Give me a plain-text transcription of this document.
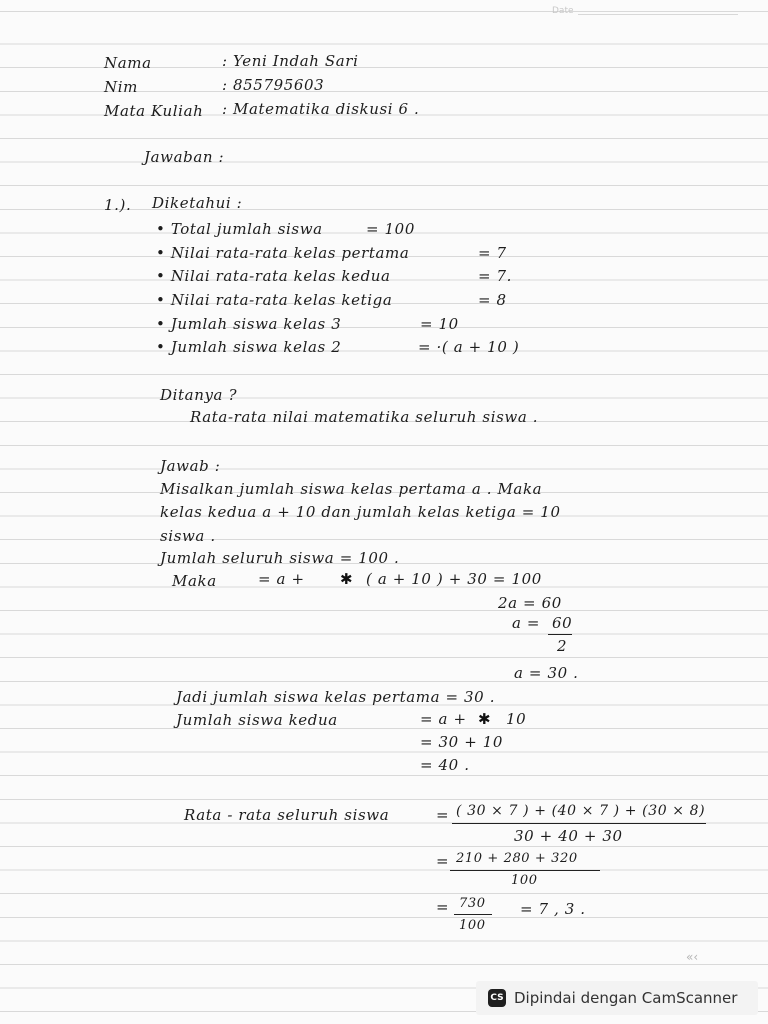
Date
Nama	: Yeni Indah Sari
Nim	: 855795603
Mata Kuliah : Matematika diskusi 6 .
Jawaban :
1.). Diketahui :
• Total jumlah siswa	= 100
• Nilai rata-rata kelas pertama	= 7
• Nilai rata-rata kelas kedua	= 7.
• Nilai rata-rata kelas ketiga	= 8
• Jumlah siswa kelas 3	= 10
• Jumlah siswa kelas 2	= ·( a + 10 )
Ditanya ?
Rata-rata nilai matematika seluruh siswa .
Jawab :
Misalkan jumlah siswa kelas pertama a . Maka
kelas kedua a + 10 dan jumlah kelas ketiga = 10
siswa .
Jumlah seluruh siswa = 100 .
Maka	= a + ✱ ( a + 10 ) + 30 = 100
2a = 60
a = 60
2
a = 30 .
Jadi jumlah siswa kelas pertama = 30 .
Jumlah siswa kedua	= a + ✱ 10
= 30 + 10
= 40 .
Rata - rata seluruh siswa	= ( 30 × 7 ) + (40 × 7 ) + (30 × 8)
30 + 40 + 30
= 210 + 280 + 320
100
= 730
100
= 7 , 3 .
«‹
CS Dipindai dengan CamScanner
